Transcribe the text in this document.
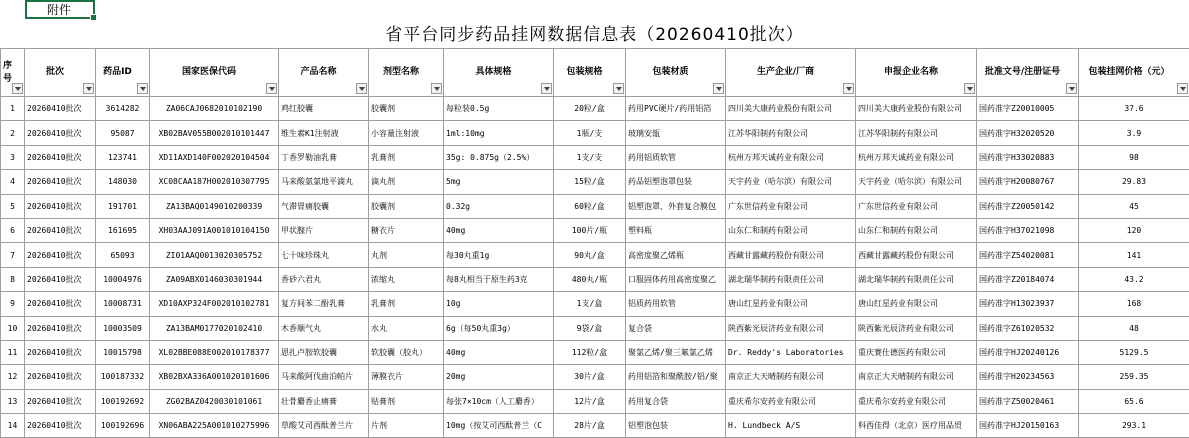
附件
省平台同步药品挂网数据信息表（20260410批次）
序号	批次	药品ID	国家医保代码	产品名称	剂型名称	具体规格	包装规格	包装材质	生产企业/厂商	申报企业名称	批准文号/注册证号	包装挂网价格（元）

1	20260410批次	3614282	ZA06CAJ0682010102190	鸡红胶囊	胶囊剂	每粒装0.5g	20粒/盒	药用PVC硬片/药用铝箔	四川美大康药业股份有限公司	四川美大康药业股份有限公司	国药准字Z20010005	37.6
2	20260410批次	95087	XB02BAV055B002010101447	维生素K1注射液	小容量注射液	1ml:10mg	1瓶/支	玻璃安瓿	江苏华阳制药有限公司	江苏华阳制药有限公司	国药准字H32020520	3.9
3	20260410批次	123741	XD11AXD140F002020104504	丁香罗勒油乳膏	乳膏剂	35g: 0.875g（2.5%）	1支/支	药用铝质软管	杭州万邦天诚药业有限公司	杭州万邦天诚药业有限公司	国药准字H33020883	98
4	20260410批次	148030	XC08CAA187H002010307795	马来酸氨氯地平滴丸	滴丸剂	5mg	15粒/盒	药品铝塑泡罩包装	天宇药业（哈尔滨）有限公司	天宇药业（哈尔滨）有限公司	国药准字H20080767	29.83
5	20260410批次	191701	ZA13BAQ0149010200339	气滞胃痛胶囊	胶囊剂	0.32g	60粒/盒	铝塑泡罩、外套复合膜包	广东世信药业有限公司	广东世信药业有限公司	国药准字Z20050142	45
6	20260410批次	161695	XH03AAJ091A001010104150	甲状腺片	糖衣片	40mg	100片/瓶	塑料瓶	山东仁和制药有限公司	山东仁和制药有限公司	国药准字H37021098	120
7	20260410批次	65093	ZI01AAQ0013020305752	七十味珍珠丸	丸剂	每30丸重1g	90丸/盒	高密度聚乙烯瓶	西藏甘露藏药股份有限公司	西藏甘露藏药股份有限公司	国药准字Z54020081	141
8	20260410批次	10004976	ZA09ABX0146030301944	香砂六君丸	浓缩丸	每8丸相当于原生药3克	480丸/瓶	口服固体药用高密度聚乙	湖北瑞华制药有限责任公司	湖北瑞华制药有限责任公司	国药准字Z20184074	43.2
9	20260410批次	10008731	XD10AXP324F002010102781	复方间苯二酚乳膏	乳膏剂	10g	1支/盒	铝质药用软管	唐山红星药业有限公司	唐山红星药业有限公司	国药准字H13023937	168
10	20260410批次	10003509	ZA13BAM0177020102410	木香顺气丸	水丸	6g（每50丸重3g）	9袋/盒	复合袋	陕西紫光辰济药业有限公司	陕西紫光辰济药业有限公司	国药准字Z61020532	48
11	20260410批次	10015798	XL02BBE088E002010178377	恩扎卢胺软胶囊	软胶囊（胶丸）	40mg	112粒/盒	聚氯乙烯/聚三氟氯乙烯	Dr. Reddy's Laboratories	重庆赛仕德医药有限公司	国药准字HJ20240126	5129.5
12	20260410批次	100187332	XB02BXA336A001020101606	马来酸阿伐曲泊帕片	薄膜衣片	20mg	30片/盒	药用铝箔和聚酰胺/铝/聚	南京正大天晴制药有限公司	南京正大天晴制药有限公司	国药准字H20234563	259.35
13	20260410批次	100192692	ZG02BAZ0420030101061	壮骨麝香止痛膏	贴膏剂	每张7×10cm（人工麝香）	12片/盒	药用复合袋	重庆希尔安药业有限公司	重庆希尔安药业有限公司	国药准字Z50020461	65.6
14	20260410批次	100192696	XN06ABA225A001010275996	草酸艾司西酞普兰片	片剂	10mg（按艾司西酞普兰（C	28片/盒	铝塑泡包装	H. Lundbeck A/S	科西佳得（北京）医疗用品贸	国药准字HJ20150163	293.1
